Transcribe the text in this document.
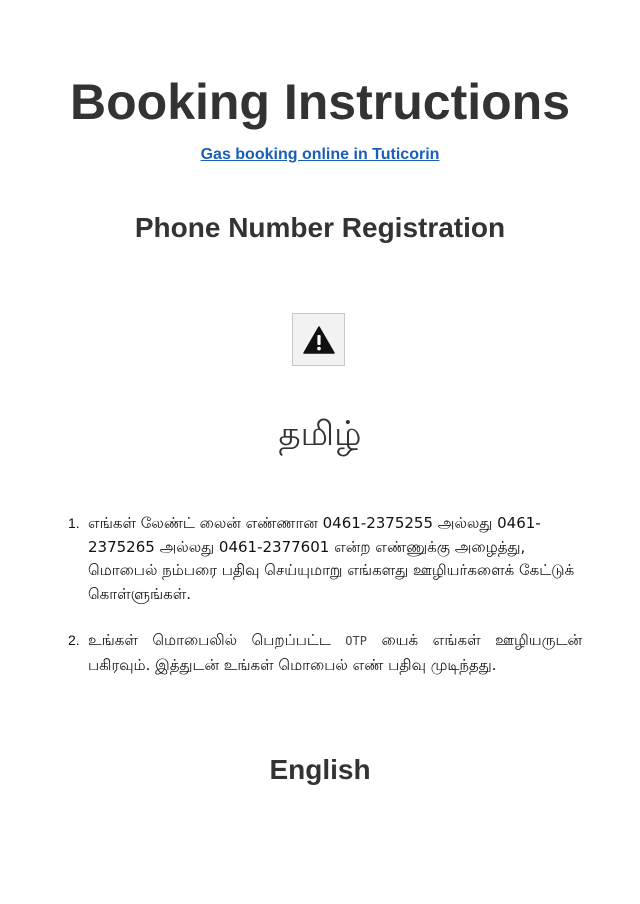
Booking Instructions
Gas booking online in Tuticorin
Phone Number Registration
தமிழ்
1. எங்கள் லேண்ட் லைன் எண்ணான 0461-2375255 அல்லது 0461-2375265 அல்லது 0461-2377601 என்ற எண்ணுக்கு அழைத்து, மொபைல் நம்பரை பதிவு செய்யுமாறு எங்களது ஊழியர்களைக் கேட்டுக் கொள்ளுங்கள்.
2. உங்கள் மொபைலில் பெறப்பட்ட OTP யைக் எங்கள் ஊழியருடன் பகிரவும். இத்துடன் உங்கள் மொபைல் எண் பதிவு முடிந்தது.
English
